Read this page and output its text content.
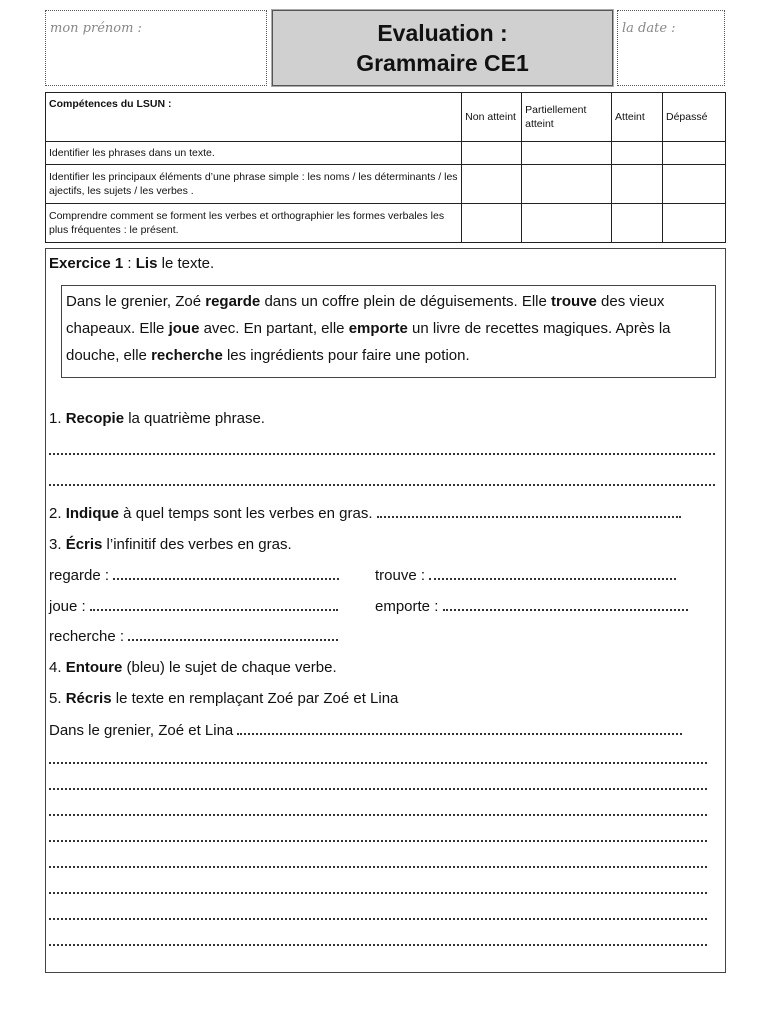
mon prénom :	Evaluation :
Grammaire CE1
la date :
Compétences du LSUN :	Non atteint	Partiellement atteint	Atteint	Dépassé
Identifier les phrases dans un texte.				
Identifier les principaux éléments d’une phrase simple : les noms / les déterminants / les ajectifs, les sujets / les verbes .				
Comprendre comment se forment les verbes et orthographier les formes verbales les plus fréquentes : le présent.				
Exercice 1 : Lis le texte.
Dans le grenier, Zoé regarde dans un coffre plein de déguisements. Elle trouve des vieux chapeaux. Elle joue avec. En partant, elle emporte un livre de recettes magiques. Après la douche, elle recherche les ingrédients pour faire une potion.
1. Recopie la quatrième phrase.
2. Indique à quel temps sont les verbes en gras.
3. Écris l’infinitif des verbes en gras.
regarde :	trouve :
joue :	emporte :
recherche :
4. Entoure (bleu) le sujet de chaque verbe.
5. Récris le texte en remplaçant Zoé par Zoé et Lina
Dans le grenier, Zoé et Lina
